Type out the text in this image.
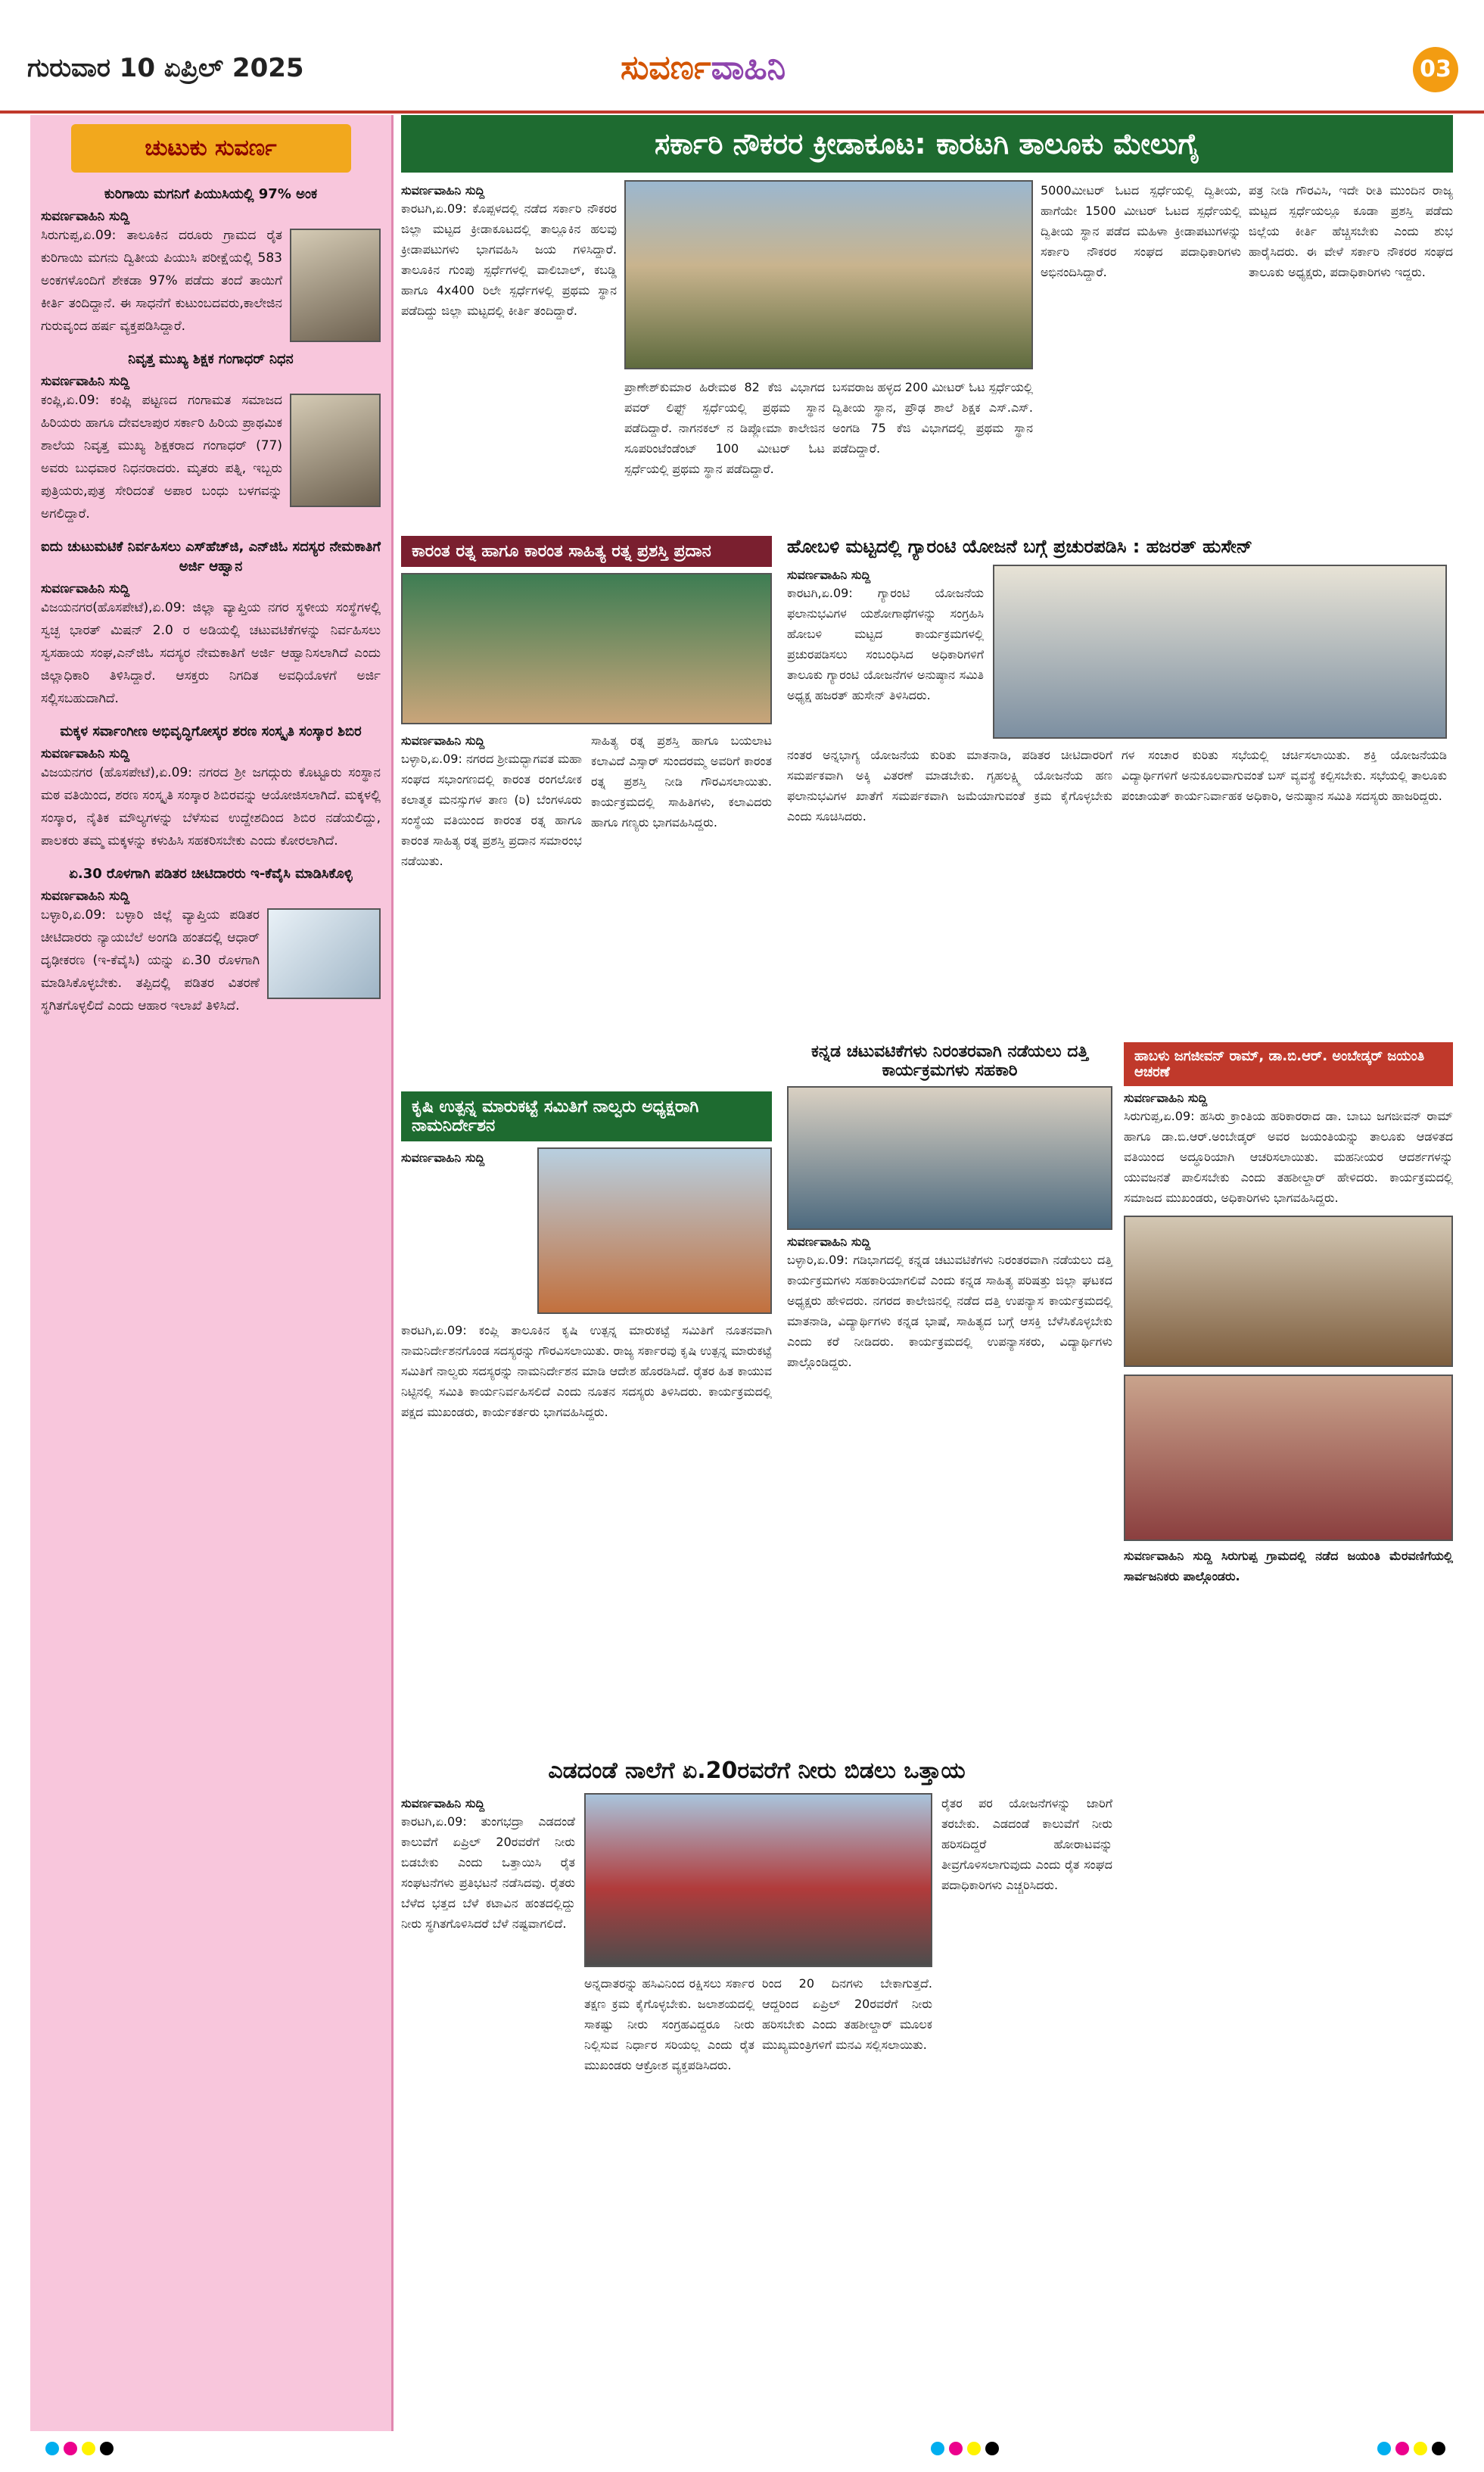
ಗುರುವಾರ 10 ಏಪ್ರಿಲ್ 2025	ಸುವರ್ಣವಾಹಿನಿ	03
ಚುಟುಕು ಸುವರ್ಣ
ಕುರಿಗಾಯಿ ಮಗನಿಗೆ ಪಿಯುಸಿಯಲ್ಲಿ 97% ಅಂಕ
ಸುವರ್ಣವಾಹಿನಿ ಸುದ್ದಿ
ಸಿರುಗುಪ್ಪ,ಏ.09: ತಾಲೂಕಿನ ದರೂರು ಗ್ರಾಮದ ರೈತ ಕುರಿಗಾಯಿ ಮಗನು ದ್ವಿತೀಯ ಪಿಯುಸಿ ಪರೀಕ್ಷೆಯಲ್ಲಿ 583 ಅಂಕಗಳೊಂದಿಗೆ ಶೇಕಡಾ 97% ಪಡೆದು ತಂದೆ ತಾಯಿಗೆ ಕೀರ್ತಿ ತಂದಿದ್ದಾನೆ. ಈ ಸಾಧನೆಗೆ ಕುಟುಂಬದವರು,ಕಾಲೇಜಿನ ಗುರುವೃಂದ ಹರ್ಷ ವ್ಯಕ್ತಪಡಿಸಿದ್ದಾರೆ.
ನಿವೃತ್ತ ಮುಖ್ಯ ಶಿಕ್ಷಕ ಗಂಗಾಧರ್ ನಿಧನ
ಸುವರ್ಣವಾಹಿನಿ ಸುದ್ದಿ
ಕಂಪ್ಲಿ,ಏ.09: ಕಂಪ್ಲಿ ಪಟ್ಟಣದ ಗಂಗಾಮತ ಸಮಾಜದ ಹಿರಿಯರು ಹಾಗೂ ದೇವಲಾಪುರ ಸರ್ಕಾರಿ ಹಿರಿಯ ಪ್ರಾಥಮಿಕ ಶಾಲೆಯ ನಿವೃತ್ತ ಮುಖ್ಯ ಶಿಕ್ಷಕರಾದ ಗಂಗಾಧರ್ (77) ಅವರು ಬುಧವಾರ ನಿಧನರಾದರು. ಮೃತರು ಪತ್ನಿ, ಇಬ್ಬರು ಪುತ್ರಿಯರು,ಪುತ್ರ ಸೇರಿದಂತೆ ಅಪಾರ ಬಂಧು ಬಳಗವನ್ನು ಅಗಲಿದ್ದಾರೆ.
ಐದು ಚುಟುಮಟಿಕೆ ನಿರ್ವಹಿಸಲು ಎಸ್‌ಹೆಚ್‌ಜಿ, ಎನ್‌ಜಿಓ ಸದಸ್ಯರ ನೇಮಕಾತಿಗೆ ಅರ್ಜಿ ಆಹ್ವಾನ
ಸುವರ್ಣವಾಹಿನಿ ಸುದ್ದಿ
ವಿಜಯನಗರ(ಹೊಸಪೇಟೆ),ಏ.09: ಜಿಲ್ಲಾ ವ್ಯಾಪ್ತಿಯ ನಗರ ಸ್ಥಳೀಯ ಸಂಸ್ಥೆಗಳಲ್ಲಿ ಸ್ವಚ್ಛ ಭಾರತ್ ಮಿಷನ್ 2.0 ರ ಅಡಿಯಲ್ಲಿ ಚಟುವಟಿಕೆಗಳನ್ನು ನಿರ್ವಹಿಸಲು ಸ್ವಸಹಾಯ ಸಂಘ,ಎನ್‌ಜಿಓ ಸದಸ್ಯರ ನೇಮಕಾತಿಗೆ ಅರ್ಜಿ ಆಹ್ವಾನಿಸಲಾಗಿದೆ ಎಂದು ಜಿಲ್ಲಾಧಿಕಾರಿ ತಿಳಿಸಿದ್ದಾರೆ. ಆಸಕ್ತರು ನಿಗದಿತ ಅವಧಿಯೊಳಗೆ ಅರ್ಜಿ ಸಲ್ಲಿಸಬಹುದಾಗಿದೆ.
ಮಕ್ಕಳ ಸರ್ವಾಂಗೀಣ ಅಭಿವೃದ್ಧಿಗೋಸ್ಕರ ಶರಣ ಸಂಸ್ಕೃತಿ ಸಂಸ್ಕಾರ ಶಿಬಿರ
ಸುವರ್ಣವಾಹಿನಿ ಸುದ್ದಿ
ವಿಜಯನಗರ (ಹೊಸಪೇಟೆ),ಏ.09: ನಗರದ ಶ್ರೀ ಜಗದ್ಗುರು ಕೊಟ್ಟೂರು ಸಂಸ್ಥಾನ ಮಠ ವತಿಯಿಂದ, ಶರಣ ಸಂಸ್ಕೃತಿ ಸಂಸ್ಕಾರ ಶಿಬಿರವನ್ನು ಆಯೋಜಿಸಲಾಗಿದೆ. ಮಕ್ಕಳಲ್ಲಿ ಸಂಸ್ಕಾರ, ನೈತಿಕ ಮೌಲ್ಯಗಳನ್ನು ಬೆಳೆಸುವ ಉದ್ದೇಶದಿಂದ ಶಿಬಿರ ನಡೆಯಲಿದ್ದು, ಪಾಲಕರು ತಮ್ಮ ಮಕ್ಕಳನ್ನು ಕಳುಹಿಸಿ ಸಹಕರಿಸಬೇಕು ಎಂದು ಕೋರಲಾಗಿದೆ.
ಏ.30 ರೊಳಗಾಗಿ ಪಡಿತರ ಚೀಟಿದಾರರು ಇ-ಕೆವೈಸಿ ಮಾಡಿಸಿಕೊಳ್ಳಿ
ಸುವರ್ಣವಾಹಿನಿ ಸುದ್ದಿ
ಬಳ್ಳಾರಿ,ಏ.09: ಬಳ್ಳಾರಿ ಜಿಲ್ಲೆ ವ್ಯಾಪ್ತಿಯ ಪಡಿತರ ಚೀಟಿದಾರರು ನ್ಯಾಯಬೆಲೆ ಅಂಗಡಿ ಹಂತದಲ್ಲಿ ಆಧಾರ್ ದೃಢೀಕರಣ (ಇ-ಕೆವೈಸಿ) ಯನ್ನು ಏ.30 ರೊಳಗಾಗಿ ಮಾಡಿಸಿಕೊಳ್ಳಬೇಕು. ತಪ್ಪಿದಲ್ಲಿ ಪಡಿತರ ವಿತರಣೆ ಸ್ಥಗಿತಗೊಳ್ಳಲಿದೆ ಎಂದು ಆಹಾರ ಇಲಾಖೆ ತಿಳಿಸಿದೆ.
ಸರ್ಕಾರಿ ನೌಕರರ ಕ್ರೀಡಾಕೂಟ: ಕಾರಟಗಿ ತಾಲೂಕು ಮೇಲುಗೈ
ಸುವರ್ಣವಾಹಿನಿ ಸುದ್ದಿ
ಕಾರಟಗಿ,ಏ.09: ಕೊಪ್ಪಳದಲ್ಲಿ ನಡೆದ ಸರ್ಕಾರಿ ನೌಕರರ ಜಿಲ್ಲಾ ಮಟ್ಟದ ಕ್ರೀಡಾಕೂಟದಲ್ಲಿ ತಾಲ್ಲೂಕಿನ ಹಲವು ಕ್ರೀಡಾಪಟುಗಳು ಭಾಗವಹಿಸಿ ಜಯ ಗಳಿಸಿದ್ದಾರೆ. ತಾಲೂಕಿನ ಗುಂಪು ಸ್ಪರ್ಧೆಗಳಲ್ಲಿ ವಾಲಿಬಾಲ್, ಕಬಡ್ಡಿ ಹಾಗೂ 4x400 ರಿಲೇ ಸ್ಪರ್ಧೆಗಳಲ್ಲಿ ಪ್ರಥಮ ಸ್ಥಾನ ಪಡೆದಿದ್ದು ಜಿಲ್ಲಾ ಮಟ್ಟದಲ್ಲಿ ಕೀರ್ತಿ ತಂದಿದ್ದಾರೆ.
ಪ್ರಾಣೇಶ್‌ಕುಮಾರ ಹಿರೇಮಠ 82 ಕೆಜಿ ವಿಭಾಗದ ಪವರ್ ಲಿಫ್ಟ್ ಸ್ಪರ್ಧೆಯಲ್ಲಿ ಪ್ರಥಮ ಸ್ಥಾನ ಪಡೆದಿದ್ದಾರೆ. ನಾಗನಕಲ್ ನ ಡಿಪ್ಲೋಮಾ ಕಾಲೇಜಿನ ಸೂಪರಿಂಟೆಂಡೆಂಟ್ 100 ಮೀಟರ್ ಓಟ ಸ್ಪರ್ಧೆಯಲ್ಲಿ ಪ್ರಥಮ ಸ್ಥಾನ ಪಡೆದಿದ್ದಾರೆ.
ಬಸವರಾಜ ಹಳ್ಳದ 200 ಮೀಟರ್ ಓಟ ಸ್ಪರ್ಧೆಯಲ್ಲಿ ದ್ವಿತೀಯ ಸ್ಥಾನ, ಪ್ರೌಢ ಶಾಲೆ ಶಿಕ್ಷಕ ಎಸ್.ಎಸ್. ಅಂಗಡಿ 75 ಕೆಜಿ ವಿಭಾಗದಲ್ಲಿ ಪ್ರಥಮ ಸ್ಥಾನ ಪಡೆದಿದ್ದಾರೆ.
5000ಮೀಟರ್ ಓಟದ ಸ್ಪರ್ಧೆಯಲ್ಲಿ ದ್ವಿತೀಯ, ಹಾಗೆಯೇ 1500 ಮೀಟರ್ ಓಟದ ಸ್ಪರ್ಧೆಯಲ್ಲಿ ದ್ವಿತೀಯ ಸ್ಥಾನ ಪಡೆದ ಮಹಿಳಾ ಕ್ರೀಡಾಪಟುಗಳನ್ನು ಸರ್ಕಾರಿ ನೌಕರರ ಸಂಘದ ಪದಾಧಿಕಾರಿಗಳು ಅಭಿನಂದಿಸಿದ್ದಾರೆ.
ಪತ್ರ ನೀಡಿ ಗೌರವಿಸಿ, ಇದೇ ರೀತಿ ಮುಂದಿನ ರಾಜ್ಯ ಮಟ್ಟದ ಸ್ಪರ್ಧೆಯಲ್ಲೂ ಕೂಡಾ ಪ್ರಶಸ್ತಿ ಪಡೆದು ಜಿಲ್ಲೆಯ ಕೀರ್ತಿ ಹೆಚ್ಚಿಸಬೇಕು ಎಂದು ಶುಭ ಹಾರೈಸಿದರು. ಈ ವೇಳೆ ಸರ್ಕಾರಿ ನೌಕರರ ಸಂಘದ ತಾಲೂಕು ಅಧ್ಯಕ್ಷರು, ಪದಾಧಿಕಾರಿಗಳು ಇದ್ದರು.
ಕಾರಂತ ರತ್ನ ಹಾಗೂ ಕಾರಂತ ಸಾಹಿತ್ಯ ರತ್ನ ಪ್ರಶಸ್ತಿ ಪ್ರದಾನ
ಸುವರ್ಣವಾಹಿನಿ ಸುದ್ದಿ
ಬಳ್ಳಾರಿ,ಏ.09: ನಗರದ ಶ್ರೀಮದ್ಭಾಗವತ ಮಹಾ ಸಂಘದ ಸಭಾಂಗಣದಲ್ಲಿ ಕಾರಂತ ರಂಗಲೋಕ ಕಲಾತ್ಮಕ ಮನಸ್ಸುಗಳ ತಾಣ (ರಿ) ಬೆಂಗಳೂರು ಸಂಸ್ಥೆಯ ವತಿಯಿಂದ ಕಾರಂತ ರತ್ನ ಹಾಗೂ ಕಾರಂತ ಸಾಹಿತ್ಯ ರತ್ನ ಪ್ರಶಸ್ತಿ ಪ್ರದಾನ ಸಮಾರಂಭ ನಡೆಯಿತು.
ಸಾಹಿತ್ಯ ರತ್ನ ಪ್ರಶಸ್ತಿ ಹಾಗೂ ಬಯಲಾಟ ಕಲಾವಿದೆ ಎಸ್ಸಾರ್ ಸುಂದರಮ್ಮ ಅವರಿಗೆ ಕಾರಂತ ರತ್ನ ಪ್ರಶಸ್ತಿ ನೀಡಿ ಗೌರವಿಸಲಾಯಿತು. ಕಾರ್ಯಕ್ರಮದಲ್ಲಿ ಸಾಹಿತಿಗಳು, ಕಲಾವಿದರು ಹಾಗೂ ಗಣ್ಯರು ಭಾಗವಹಿಸಿದ್ದರು.
ಕೃಷಿ ಉತ್ಪನ್ನ ಮಾರುಕಟ್ಟೆ ಸಮಿತಿಗೆ ನಾಲ್ವರು ಅಧ್ಯಕ್ಷರಾಗಿ ನಾಮನಿರ್ದೇಶನ
ಸುವರ್ಣವಾಹಿನಿ ಸುದ್ದಿ
ಕಾರಟಗಿ,ಏ.09: ಕಂಪ್ಲಿ ತಾಲೂಕಿನ ಕೃಷಿ ಉತ್ಪನ್ನ ಮಾರುಕಟ್ಟೆ ಸಮಿತಿಗೆ ನೂತನವಾಗಿ ನಾಮನಿರ್ದೇಶನಗೊಂಡ ಸದಸ್ಯರನ್ನು ಗೌರವಿಸಲಾಯಿತು. ರಾಜ್ಯ ಸರ್ಕಾರವು ಕೃಷಿ ಉತ್ಪನ್ನ ಮಾರುಕಟ್ಟೆ ಸಮಿತಿಗೆ ನಾಲ್ವರು ಸದಸ್ಯರನ್ನು ನಾಮನಿರ್ದೇಶನ ಮಾಡಿ ಆದೇಶ ಹೊರಡಿಸಿದೆ. ರೈತರ ಹಿತ ಕಾಯುವ ನಿಟ್ಟಿನಲ್ಲಿ ಸಮಿತಿ ಕಾರ್ಯನಿರ್ವಹಿಸಲಿದೆ ಎಂದು ನೂತನ ಸದಸ್ಯರು ತಿಳಿಸಿದರು. ಕಾರ್ಯಕ್ರಮದಲ್ಲಿ ಪಕ್ಷದ ಮುಖಂಡರು, ಕಾರ್ಯಕರ್ತರು ಭಾಗವಹಿಸಿದ್ದರು.
ಹೋಬಳಿ ಮಟ್ಟದಲ್ಲಿ ಗ್ಯಾರಂಟಿ ಯೋಜನೆ ಬಗ್ಗೆ ಪ್ರಚುರಪಡಿಸಿ : ಹಜರತ್ ಹುಸೇನ್
ಸುವರ್ಣವಾಹಿನಿ ಸುದ್ದಿ
ಕಾರಟಗಿ,ಏ.09: ಗ್ಯಾರಂಟಿ ಯೋಜನೆಯ ಫಲಾನುಭವಿಗಳ ಯಶೋಗಾಥೆಗಳನ್ನು ಸಂಗ್ರಹಿಸಿ ಹೋಬಳಿ ಮಟ್ಟದ ಕಾರ್ಯಕ್ರಮಗಳಲ್ಲಿ ಪ್ರಚುರಪಡಿಸಲು ಸಂಬಂಧಿಸಿದ ಅಧಿಕಾರಿಗಳಿಗೆ ತಾಲೂಕು ಗ್ಯಾರಂಟಿ ಯೋಜನೆಗಳ ಅನುಷ್ಠಾನ ಸಮಿತಿ ಅಧ್ಯಕ್ಷ ಹಜರತ್ ಹುಸೇನ್ ತಿಳಿಸಿದರು.
ನಂತರ ಅನ್ನಭಾಗ್ಯ ಯೋಜನೆಯ ಕುರಿತು ಮಾತನಾಡಿ, ಪಡಿತರ ಚೀಟಿದಾರರಿಗೆ ಸಮರ್ಪಕವಾಗಿ ಅಕ್ಕಿ ವಿತರಣೆ ಮಾಡಬೇಕು. ಗೃಹಲಕ್ಷ್ಮಿ ಯೋಜನೆಯ ಹಣ ಫಲಾನುಭವಿಗಳ ಖಾತೆಗೆ ಸಮರ್ಪಕವಾಗಿ ಜಮೆಯಾಗುವಂತೆ ಕ್ರಮ ಕೈಗೊಳ್ಳಬೇಕು ಎಂದು ಸೂಚಿಸಿದರು.
ಗಳ ಸಂಚಾರ ಕುರಿತು ಸಭೆಯಲ್ಲಿ ಚರ್ಚಿಸಲಾಯಿತು. ಶಕ್ತಿ ಯೋಜನೆಯಡಿ ವಿದ್ಯಾರ್ಥಿಗಳಿಗೆ ಅನುಕೂಲವಾಗುವಂತೆ ಬಸ್ ವ್ಯವಸ್ಥೆ ಕಲ್ಪಿಸಬೇಕು. ಸಭೆಯಲ್ಲಿ ತಾಲೂಕು ಪಂಚಾಯತ್ ಕಾರ್ಯನಿರ್ವಾಹಕ ಅಧಿಕಾರಿ, ಅನುಷ್ಠಾನ ಸಮಿತಿ ಸದಸ್ಯರು ಹಾಜರಿದ್ದರು.
ಕನ್ನಡ ಚಟುವಟಿಕೆಗಳು ನಿರಂತರವಾಗಿ ನಡೆಯಲು ದತ್ತಿ ಕಾರ್ಯಕ್ರಮಗಳು ಸಹಕಾರಿ
ಸುವರ್ಣವಾಹಿನಿ ಸುದ್ದಿ
ಬಳ್ಳಾರಿ,ಏ.09: ಗಡಿಭಾಗದಲ್ಲಿ ಕನ್ನಡ ಚಟುವಟಿಕೆಗಳು ನಿರಂತರವಾಗಿ ನಡೆಯಲು ದತ್ತಿ ಕಾರ್ಯಕ್ರಮಗಳು ಸಹಕಾರಿಯಾಗಲಿವೆ ಎಂದು ಕನ್ನಡ ಸಾಹಿತ್ಯ ಪರಿಷತ್ತು ಜಿಲ್ಲಾ ಘಟಕದ ಅಧ್ಯಕ್ಷರು ಹೇಳಿದರು. ನಗರದ ಕಾಲೇಜಿನಲ್ಲಿ ನಡೆದ ದತ್ತಿ ಉಪನ್ಯಾಸ ಕಾರ್ಯಕ್ರಮದಲ್ಲಿ ಮಾತನಾಡಿ, ವಿದ್ಯಾರ್ಥಿಗಳು ಕನ್ನಡ ಭಾಷೆ, ಸಾಹಿತ್ಯದ ಬಗ್ಗೆ ಆಸಕ್ತಿ ಬೆಳೆಸಿಕೊಳ್ಳಬೇಕು ಎಂದು ಕರೆ ನೀಡಿದರು. ಕಾರ್ಯಕ್ರಮದಲ್ಲಿ ಉಪನ್ಯಾಸಕರು, ವಿದ್ಯಾರ್ಥಿಗಳು ಪಾಲ್ಗೊಂಡಿದ್ದರು.
ಹಾಬಳು ಜಗಜೀವನ್ ರಾಮ್, ಡಾ.ಬಿ.ಆರ್. ಅಂಬೇಡ್ಕರ್ ಜಯಂತಿ ಆಚರಣೆ
ಸುವರ್ಣವಾಹಿನಿ ಸುದ್ದಿ
ಸಿರುಗುಪ್ಪ,ಏ.09: ಹಸಿರು ಕ್ರಾಂತಿಯ ಹರಿಕಾರರಾದ ಡಾ. ಬಾಬು ಜಗಜೀವನ್ ರಾಮ್ ಹಾಗೂ ಡಾ.ಬಿ.ಆರ್.ಅಂಬೇಡ್ಕರ್ ಅವರ ಜಯಂತಿಯನ್ನು ತಾಲೂಕು ಆಡಳಿತದ ವತಿಯಿಂದ ಅದ್ಧೂರಿಯಾಗಿ ಆಚರಿಸಲಾಯಿತು. ಮಹನೀಯರ ಆದರ್ಶಗಳನ್ನು ಯುವಜನತೆ ಪಾಲಿಸಬೇಕು ಎಂದು ತಹಶೀಲ್ದಾರ್ ಹೇಳಿದರು. ಕಾರ್ಯಕ್ರಮದಲ್ಲಿ ಸಮಾಜದ ಮುಖಂಡರು, ಅಧಿಕಾರಿಗಳು ಭಾಗವಹಿಸಿದ್ದರು.
ಸುವರ್ಣವಾಹಿನಿ ಸುದ್ದಿ ಸಿರುಗುಪ್ಪ ಗ್ರಾಮದಲ್ಲಿ ನಡೆದ ಜಯಂತಿ ಮೆರವಣಿಗೆಯಲ್ಲಿ ಸಾರ್ವಜನಿಕರು ಪಾಲ್ಗೊಂಡರು.
ಎಡದಂಡೆ ನಾಲೆಗೆ ಏ.20ರವರೆಗೆ ನೀರು ಬಿಡಲು ಒತ್ತಾಯ
ಸುವರ್ಣವಾಹಿನಿ ಸುದ್ದಿ
ಕಾರಟಗಿ,ಏ.09: ತುಂಗಭದ್ರಾ ಎಡದಂಡೆ ಕಾಲುವೆಗೆ ಏಪ್ರಿಲ್ 20ರವರೆಗೆ ನೀರು ಬಿಡಬೇಕು ಎಂದು ಒತ್ತಾಯಿಸಿ ರೈತ ಸಂಘಟನೆಗಳು ಪ್ರತಿಭಟನೆ ನಡೆಸಿದವು. ರೈತರು ಬೆಳೆದ ಭತ್ತದ ಬೆಳೆ ಕಟಾವಿನ ಹಂತದಲ್ಲಿದ್ದು ನೀರು ಸ್ಥಗಿತಗೊಳಿಸಿದರೆ ಬೆಳೆ ನಷ್ಟವಾಗಲಿದೆ.
ಅನ್ನದಾತರನ್ನು ಹಸಿವಿನಿಂದ ರಕ್ಷಿಸಲು ಸರ್ಕಾರ ತಕ್ಷಣ ಕ್ರಮ ಕೈಗೊಳ್ಳಬೇಕು. ಜಲಾಶಯದಲ್ಲಿ ಸಾಕಷ್ಟು ನೀರು ಸಂಗ್ರಹವಿದ್ದರೂ ನೀರು ನಿಲ್ಲಿಸುವ ನಿರ್ಧಾರ ಸರಿಯಲ್ಲ ಎಂದು ರೈತ ಮುಖಂಡರು ಆಕ್ರೋಶ ವ್ಯಕ್ತಪಡಿಸಿದರು.
ರಿಂದ 20 ದಿನಗಳು ಬೇಕಾಗುತ್ತದೆ. ಆದ್ದರಿಂದ ಏಪ್ರಿಲ್ 20ರವರೆಗೆ ನೀರು ಹರಿಸಬೇಕು ಎಂದು ತಹಶೀಲ್ದಾರ್ ಮೂಲಕ ಮುಖ್ಯಮಂತ್ರಿಗಳಿಗೆ ಮನವಿ ಸಲ್ಲಿಸಲಾಯಿತು.
ರೈತರ ಪರ ಯೋಜನೆಗಳನ್ನು ಜಾರಿಗೆ ತರಬೇಕು. ಎಡದಂಡೆ ಕಾಲುವೆಗೆ ನೀರು ಹರಿಸದಿದ್ದರೆ ಹೋರಾಟವನ್ನು ತೀವ್ರಗೊಳಿಸಲಾಗುವುದು ಎಂದು ರೈತ ಸಂಘದ ಪದಾಧಿಕಾರಿಗಳು ಎಚ್ಚರಿಸಿದರು.
